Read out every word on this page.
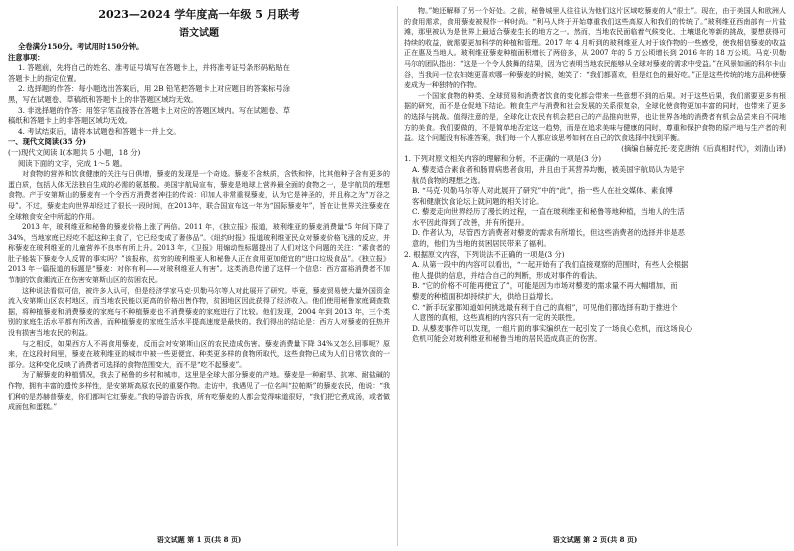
2023—2024 学年度高一年级 5 月联考
语文试题
全卷满分150分。考试用时150分钟。
注意事项：
1. 答题前，先将自己的姓名、准考证号填写在答题卡上，并将准考证号条形码粘贴在
答题卡上的指定位置。
2. 选择题的作答：每小题选出答案后，用 2B 铅笔把答题卡上对应题目的答案标号涂
黑，写在试题卷、草稿纸和答题卡上的非答题区域均无效。
3. 非选择题的作答：用签字笔直接答在答题卡上对应的答题区域内。写在试题卷、草
稿纸和答题卡上的非答题区域均无效。
4. 考试结束后，请将本试题卷和答题卡一并上交。
一、现代文阅读(35 分)
(一)现代文阅读 I(本题共 5 小题，18 分)
阅读下面的文字，完成 1～5 题。

对食物的营养和饮食健康的关注与日俱增，藜麦的发现是一个奇迹。藜麦不含麸质，含铁和锌，比其他种子含有更多的蛋白质，包括人体无法独自生成的必需的氨基酸。美国宇航局宣布，藜麦是地球上营养最全面的食物之一，是宇航员的理想食物。产于安第斯山的藜麦有一个令西方消费者神往的传说：印加人非常重视藜麦，认为它是神圣的，并且称之为“万谷之母”。不过，藜麦走向世界却经过了很长一段时间，在2013年，联合国宣布这一年为“国际藜麦年”，旨在让世界关注藜麦在全球粮食安全中所起的作用。

2013 年，玻利维亚和秘鲁的藜麦价格上涨了两倍。2011 年，《独立报》报道，玻利维亚的藜麦消费量“5 年间下降了 34%，当地家庭已经吃不起这种主食了，它已经变成了奢侈品”。《纽约时报》报道玻利维亚民众对藜麦价格飞涨的反应，并称藜麦在玻利维亚的儿童营养不良率有所上升。2013 年，《卫报》用煽动性标题提出了人们对这个问题的关注：“素食者的肚子能装下藜麦令人反胃的事实吗？”该报称，贫穷的玻利维亚人和秘鲁人正在食用更加便宜的“进口垃圾食品”。《独立报》2013 年一篇报道的标题是“藜麦：对你有利——对玻利维亚人有害”。这类消息传递了这样一个信息：西方富裕消费者不加节制的饮食潮流正在伤害安第斯山区的贫困农民。

这种说法看似可信，被许多人认可，但是经济学家马克·贝勒马尔等人对此展开了研究。毕竟，藜麦贸易使大量外国资金流入安第斯山区农村地区，而当地农民能以更高的价格出售作物，贫困地区因此获得了经济收入。他们使用秘鲁家庭调查数据，将种植藜麦和消费藜麦的家庭与不种植藜麦也不消费藜麦的家庭进行了比较。他们发现，2004 年到 2013 年，三个类别的家庭生活水平都有所改善，而种植藜麦的家庭生活水平提高速度是最快的。我们得出的结论是：西方人对藜麦的狂热并没有损害当地农民的利益。

与之相反，如果西方人不再食用藜麦，反而会对安第斯山区的农民造成伤害。藜麦消费量下降 34%又怎么回事呢？原来，在这段时间里，藜麦在玻利维亚的城市中被一些更便宜、种类更多样的食物所取代，这些食物已成为人们日常饮食的一部分。这种变化反映了消费者可选择的食物范围变大，而不是“吃不起藜麦”。

为了解藜麦的种植情况，我去了秘鲁的乡村和城市，这里是全球大部分藜麦的产地。藜麦是一种耐旱、抗寒、耐盐碱的作物，拥有丰富的遗传多样性，是安第斯高原农民的重要作物。走访中，我遇见了一位名叫“拉帕斯”的藜麦农民，他说：“我们种的是苏赫普藜麦，你们都叫它红藜麦。”我的导游告诉我，所有吃藜麦的人都会觉得味道很好，“我们把它煮成汤，或者做成面包和蛋糕。”

语文试题 第 1 页(共 8 页)

物。”她还解释了另一个好处。之前，秘鲁城里人往往认为他们这片区域吃藜麦的人“很土”。现在，由于美国人和欧洲人的食用需求，食用藜麦被视作一种时尚。“利马人终于开始尊重我们这些高原人和我们的传统了。”玻利维亚西南部有一片盐滩，那里被认为是世界上最适合藜麦生长的地方之一。然而，当地农民面临着气候变化、土壤退化等新的挑战，要想获得可持续的收益，就需要更加科学的种植和管理。2017 年 4 月听到的玻利维亚人对于该作物的一些感受，使我相信藜麦的收益正在惠及当地人。玻利维亚藜麦种植面积增长了两倍多，从 2007 年的 5 万公顷增长到 2016 年的 18 万公顷。马克·贝勒马尔的团队指出：“这是一个令人鼓舞的结果，因为它表明当地农民能够从全球对藜麦的需求中受益。”在风景如画的科尔卡山谷，当我问一位农妇她更喜欢哪一种藜麦的时候，她笑了：“我们都喜欢，但是红色的最好吃。”正是这些传统的地方品种使藜麦成为一种独特的作物。

一个国家食物的种类、全球贸易和消费者饮食的变化都会带来一些意想不到的后果。对于这些后果，我们需要更多有根据的研究，而不是仓促地下结论。粮食生产与消费和社会发展的关系很复杂，全球化使食物更加丰富的同时，也带来了更多的选择与挑战。值得注意的是，全球化让农民有机会把自己的产品推向世界，也让世界各地的消费者有机会品尝来自不同地方的美食。我们要做的，不是简单地否定这一趋势，而是在追求美味与健康的同时，尊重和保护食物的原产地与生产者的利益。这个问题没有标准答案，我们每一个人都应该思考如何在自己的饮食选择中找到平衡。

(摘编自赫克托·麦克唐纳《后真相时代》，刘清山译)
1. 下列对原文相关内容的理解和分析，不正确的一项是(3 分)
A. 藜麦适合素食者和肠胃病患者食用，并且由于其营养均衡，被美国宇航局认为是宇
航员食物的理想之选。
B. “马克·贝勒马尔等人对此展开了研究”中的“此”，指一些人在社交媒体、素食博
客和健康饮食论坛上就问题的相关讨论。
C. 藜麦走向世界经历了漫长的过程，一直在玻利维亚和秘鲁等地种植，当地人的生活
水平因此得到了改善，并有所提升。
D. 作者认为，尽管西方消费者对藜麦的需求有所增长，但这些消费者的选择并非是恶
意的，他们为当地的贫困居民带来了福利。
2. 根据原文内容，下列说法不正确的一项是(3 分)
A. 从第一段中的内容可以看出，“一起开始有了我们直接观察的范围时，有些人会根据
他人提供的信息，并结合自己的判断，形成对事件的看法。
B. “它的价格不可能再便宜了”，可能是因为市场对藜麦的需求量不再大幅增加，而
藜麦的种植面积却持续扩大，供给日益增长。
C. “新手玩家都知道如何挑选最有利于自己的真相”，可见他们都选择有助于推进个
人意图的真相，这些真相的内容只有一定的关联性。
D. 从藜麦事件可以发现，一组片面的事实编织在一起引发了一场良心危机，而这场良心
危机可能会对玻利维亚和秘鲁当地的居民造成真正的伤害。
语文试题 第 2 页(共 8 页)
